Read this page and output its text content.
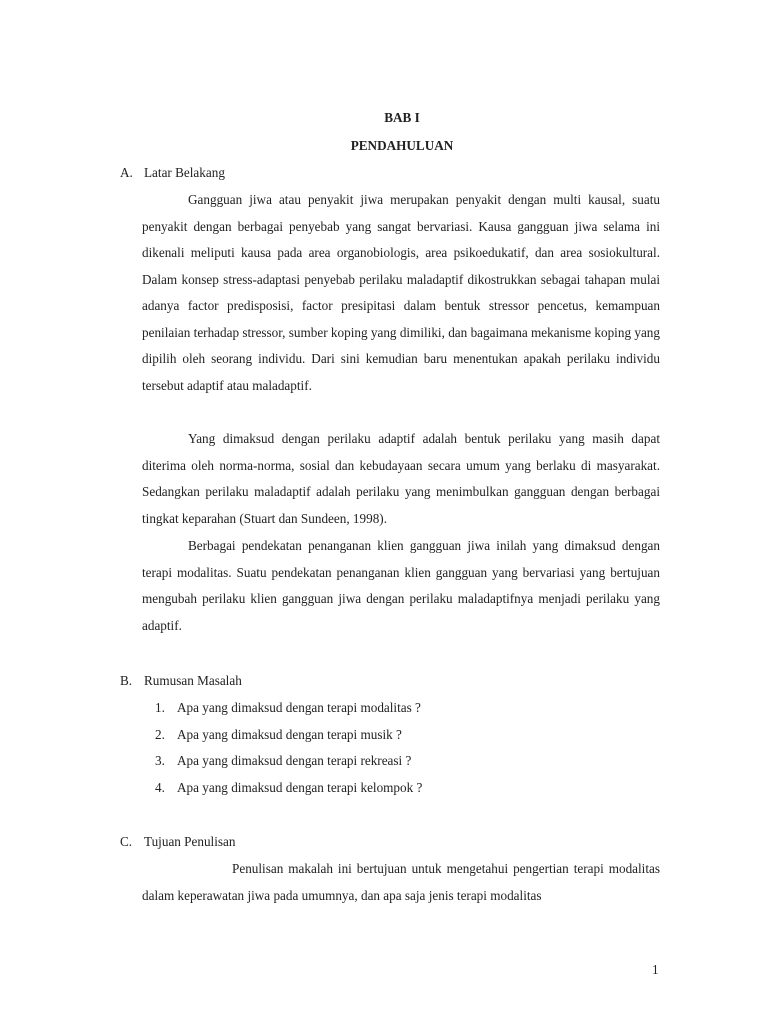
BAB I
PENDAHULUAN
A. Latar Belakang

Gangguan jiwa atau penyakit jiwa merupakan penyakit dengan multi kausal, suatu penyakit dengan berbagai penyebab yang sangat bervariasi. Kausa gangguan jiwa selama ini dikenali meliputi kausa pada area organobiologis, area psikoedukatif, dan area sosiokultural. Dalam konsep stress-adaptasi penyebab perilaku maladaptif dikostrukkan sebagai tahapan mulai adanya factor predisposisi, factor presipitasi dalam bentuk stressor pencetus, kemampuan penilaian terhadap stressor, sumber koping yang dimiliki, dan bagaimana mekanisme koping yang dipilih oleh seorang individu. Dari sini kemudian baru menentukan apakah perilaku individu tersebut adaptif atau maladaptif.

Yang dimaksud dengan perilaku adaptif adalah bentuk perilaku yang masih dapat diterima oleh norma-norma, sosial dan kebudayaan secara umum yang berlaku di masyarakat. Sedangkan perilaku maladaptif adalah perilaku yang menimbulkan gangguan dengan berbagai tingkat keparahan (Stuart dan Sundeen, 1998).

Berbagai pendekatan penanganan klien gangguan jiwa inilah yang dimaksud dengan terapi modalitas. Suatu pendekatan penanganan klien gangguan yang bervariasi yang bertujuan mengubah perilaku klien gangguan jiwa dengan perilaku maladaptifnya menjadi perilaku yang adaptif.

B. Rumusan Masalah
1. Apa yang dimaksud dengan terapi modalitas ?
2. Apa yang dimaksud dengan terapi musik ?
3. Apa yang dimaksud dengan terapi rekreasi ?
4. Apa yang dimaksud dengan terapi kelompok ?
C. Tujuan Penulisan

Penulisan makalah ini bertujuan untuk mengetahui pengertian terapi modalitas dalam keperawatan jiwa pada umumnya, dan apa saja jenis terapi modalitas

1
